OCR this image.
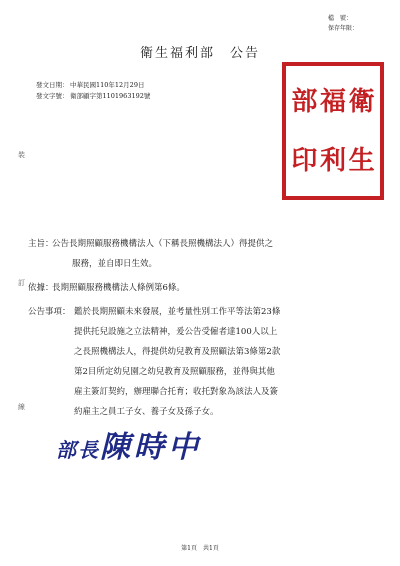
檔　號：
保存年限：
衛生福利部　公告
發文日期： 中華民國110年12月29日
發文字號： 衛部顧字第1101963192號	部 福 衛
印 利 生
裝
訂
線
主旨：
公告長期照顧服務機構法人（下稱長照機構法人）得提供之
服務，並自即日生效。
依據：
長期照顧服務機構法人條例第6條。
公告事項： 鑑於長期照顧未來發展，並考量性別工作平等法第23條
提供托兒設施之立法精神，爰公告受僱者達100人以上
之長照機構法人，得提供幼兒教育及照顧法第3條第2款
第2目所定幼兒園之幼兒教育及照顧服務，並得與其他
雇主簽訂契約，辦理聯合托育；收托對象為該法人及簽
約雇主之員工子女、養子女及孫子女。
部長陳時中
第1頁　共1頁
